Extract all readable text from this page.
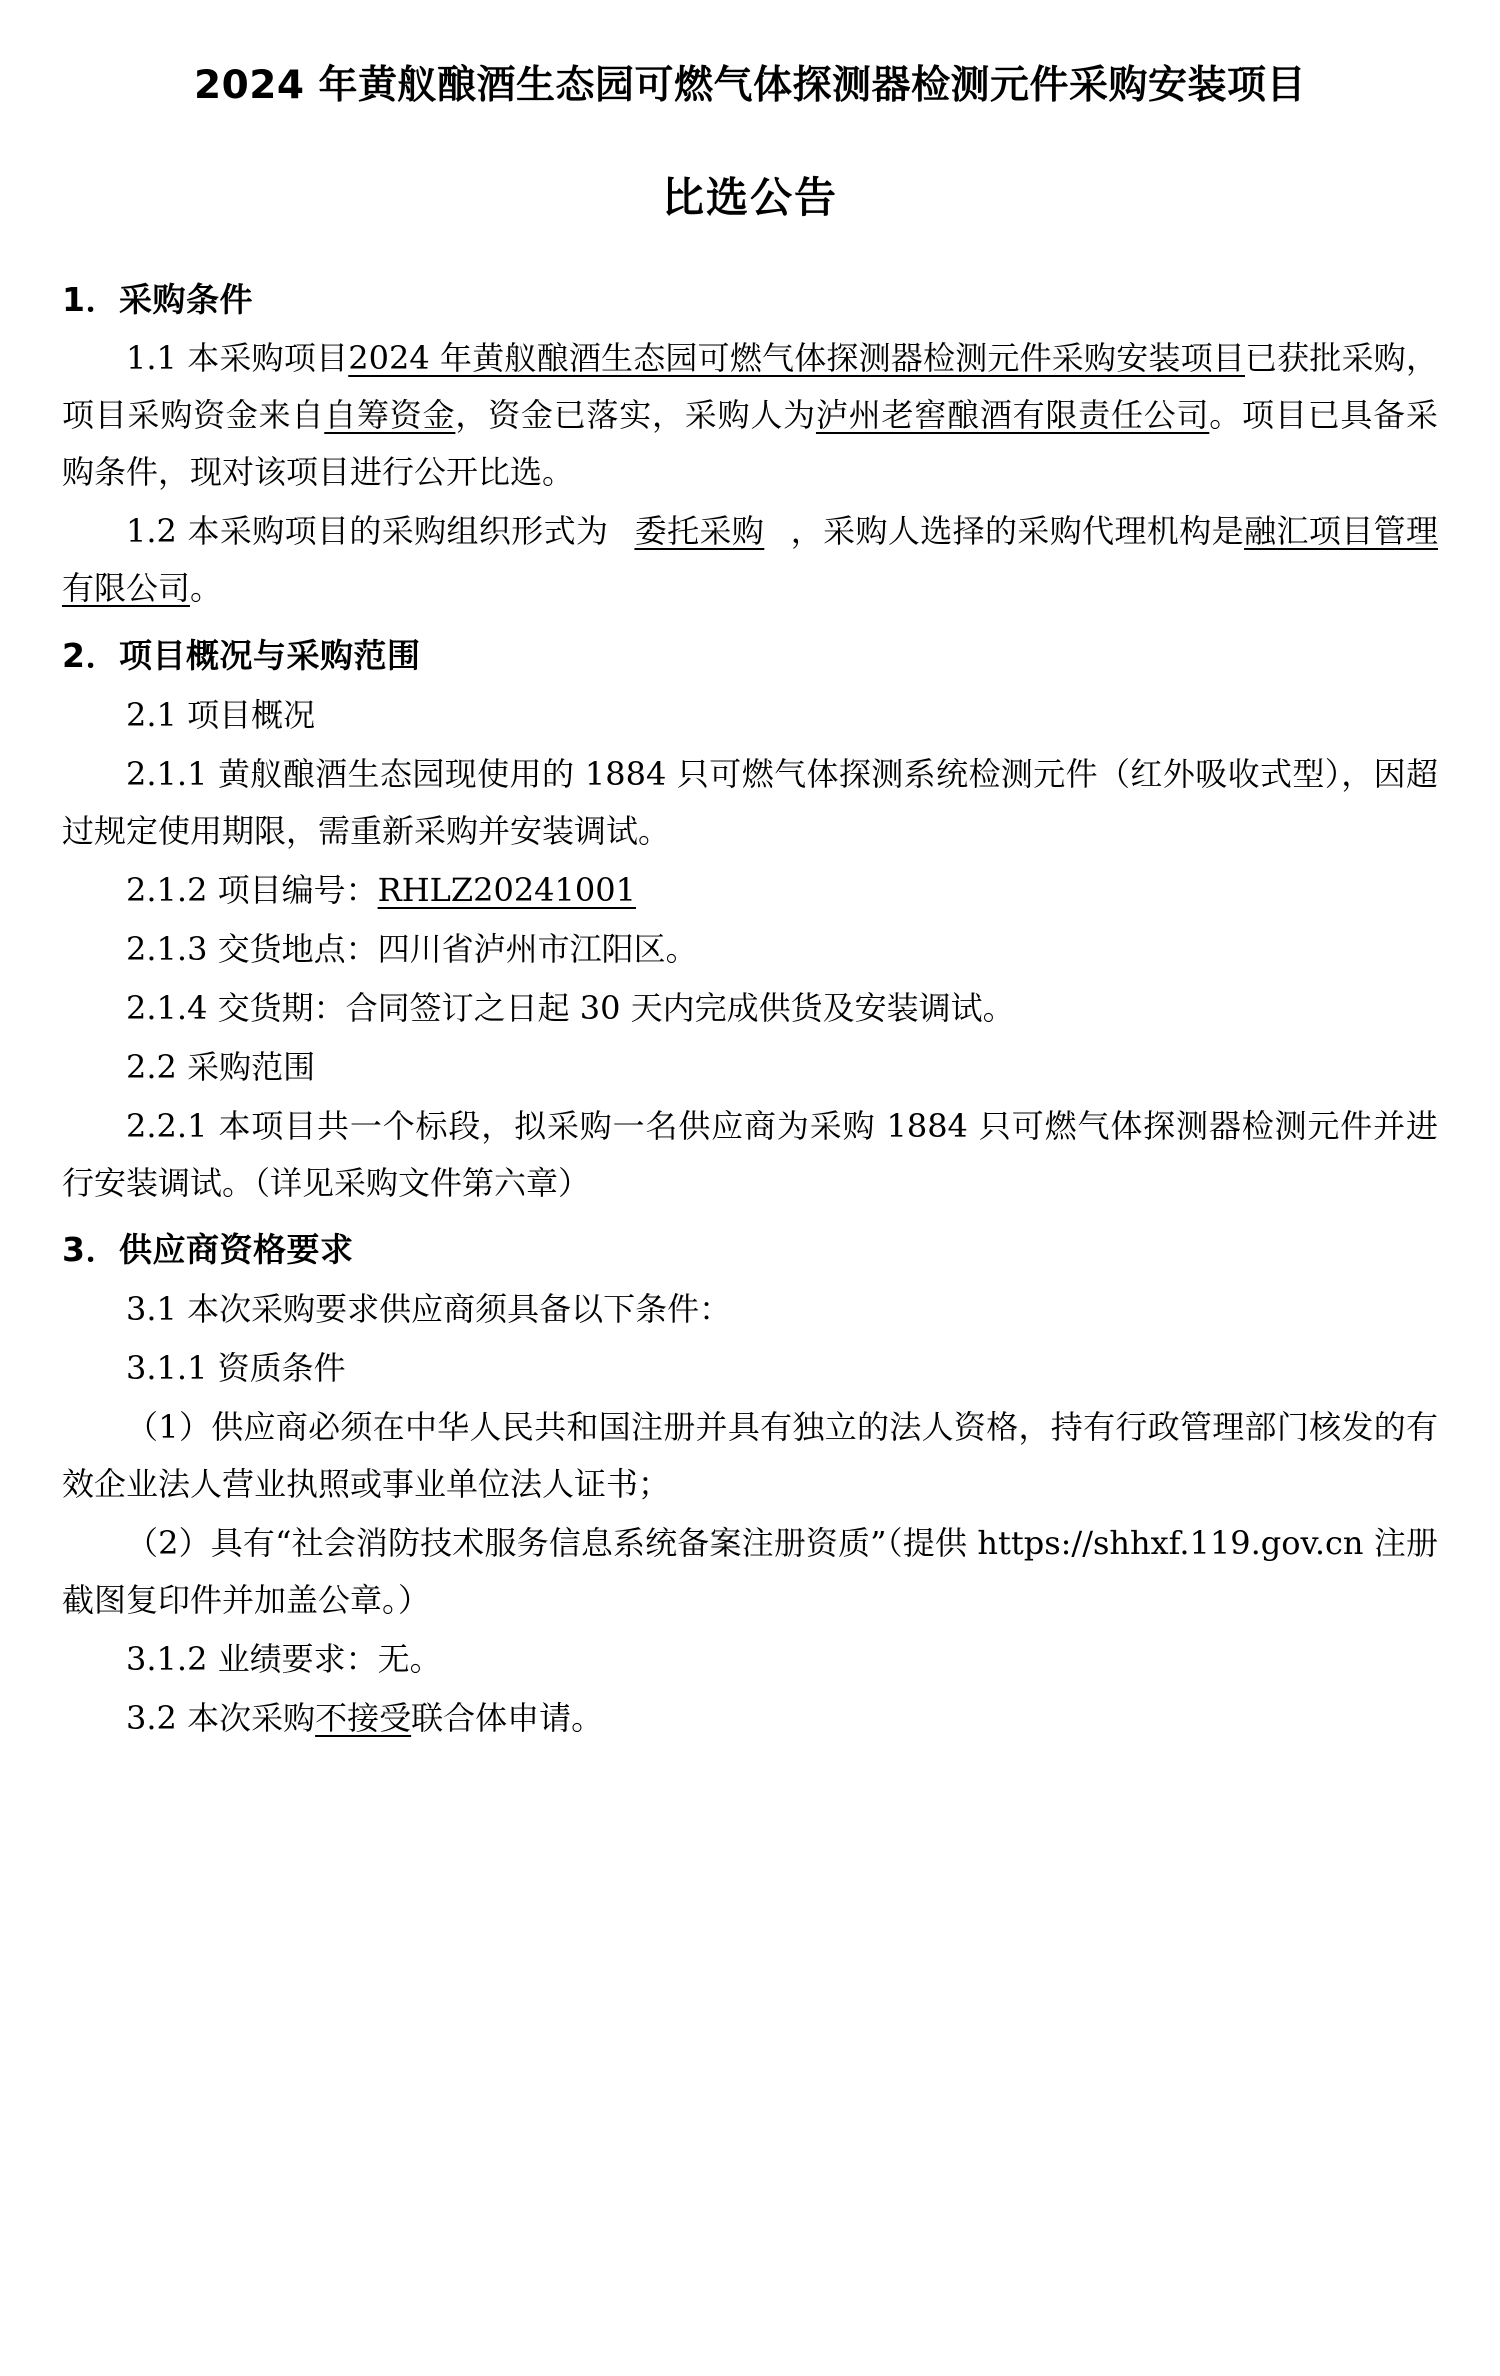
2024 年黄舣酿酒生态园可燃气体探测器检测元件采购安装项目
比选公告
1．采购条件

1.1 本采购项目2024 年黄舣酿酒生态园可燃气体探测器检测元件采购安装项目已获批采购，项目采购资金来自自筹资金，资金已落实，采购人为泸州老窖酿酒有限责任公司。项目已具备采购条件，现对该项目进行公开比选。

1.2 本采购项目的采购组织形式为 委托采购 ，采购人选择的采购代理机构是融汇项目管理有限公司。

2．项目概况与采购范围

2.1 项目概况

2.1.1 黄舣酿酒生态园现使用的 1884 只可燃气体探测系统检测元件（红外吸收式型），因超过规定使用期限，需重新采购并安装调试。

2.1.2 项目编号：RHLZ20241001

2.1.3 交货地点：四川省泸州市江阳区。

2.1.4 交货期：合同签订之日起 30 天内完成供货及安装调试。

2.2 采购范围

2.2.1 本项目共一个标段，拟采购一名供应商为采购 1884 只可燃气体探测器检测元件并进行安装调试。（详见采购文件第六章）

3．供应商资格要求

3.1 本次采购要求供应商须具备以下条件：

3.1.1 资质条件

（1）供应商必须在中华人民共和国注册并具有独立的法人资格，持有行政管理部门核发的有效企业法人营业执照或事业单位法人证书；

（2）具有“社会消防技术服务信息系统备案注册资质”（提供 https://shhxf.119.gov.cn 注册截图复印件并加盖公章。）

3.1.2 业绩要求：无。

3.2 本次采购不接受联合体申请。
